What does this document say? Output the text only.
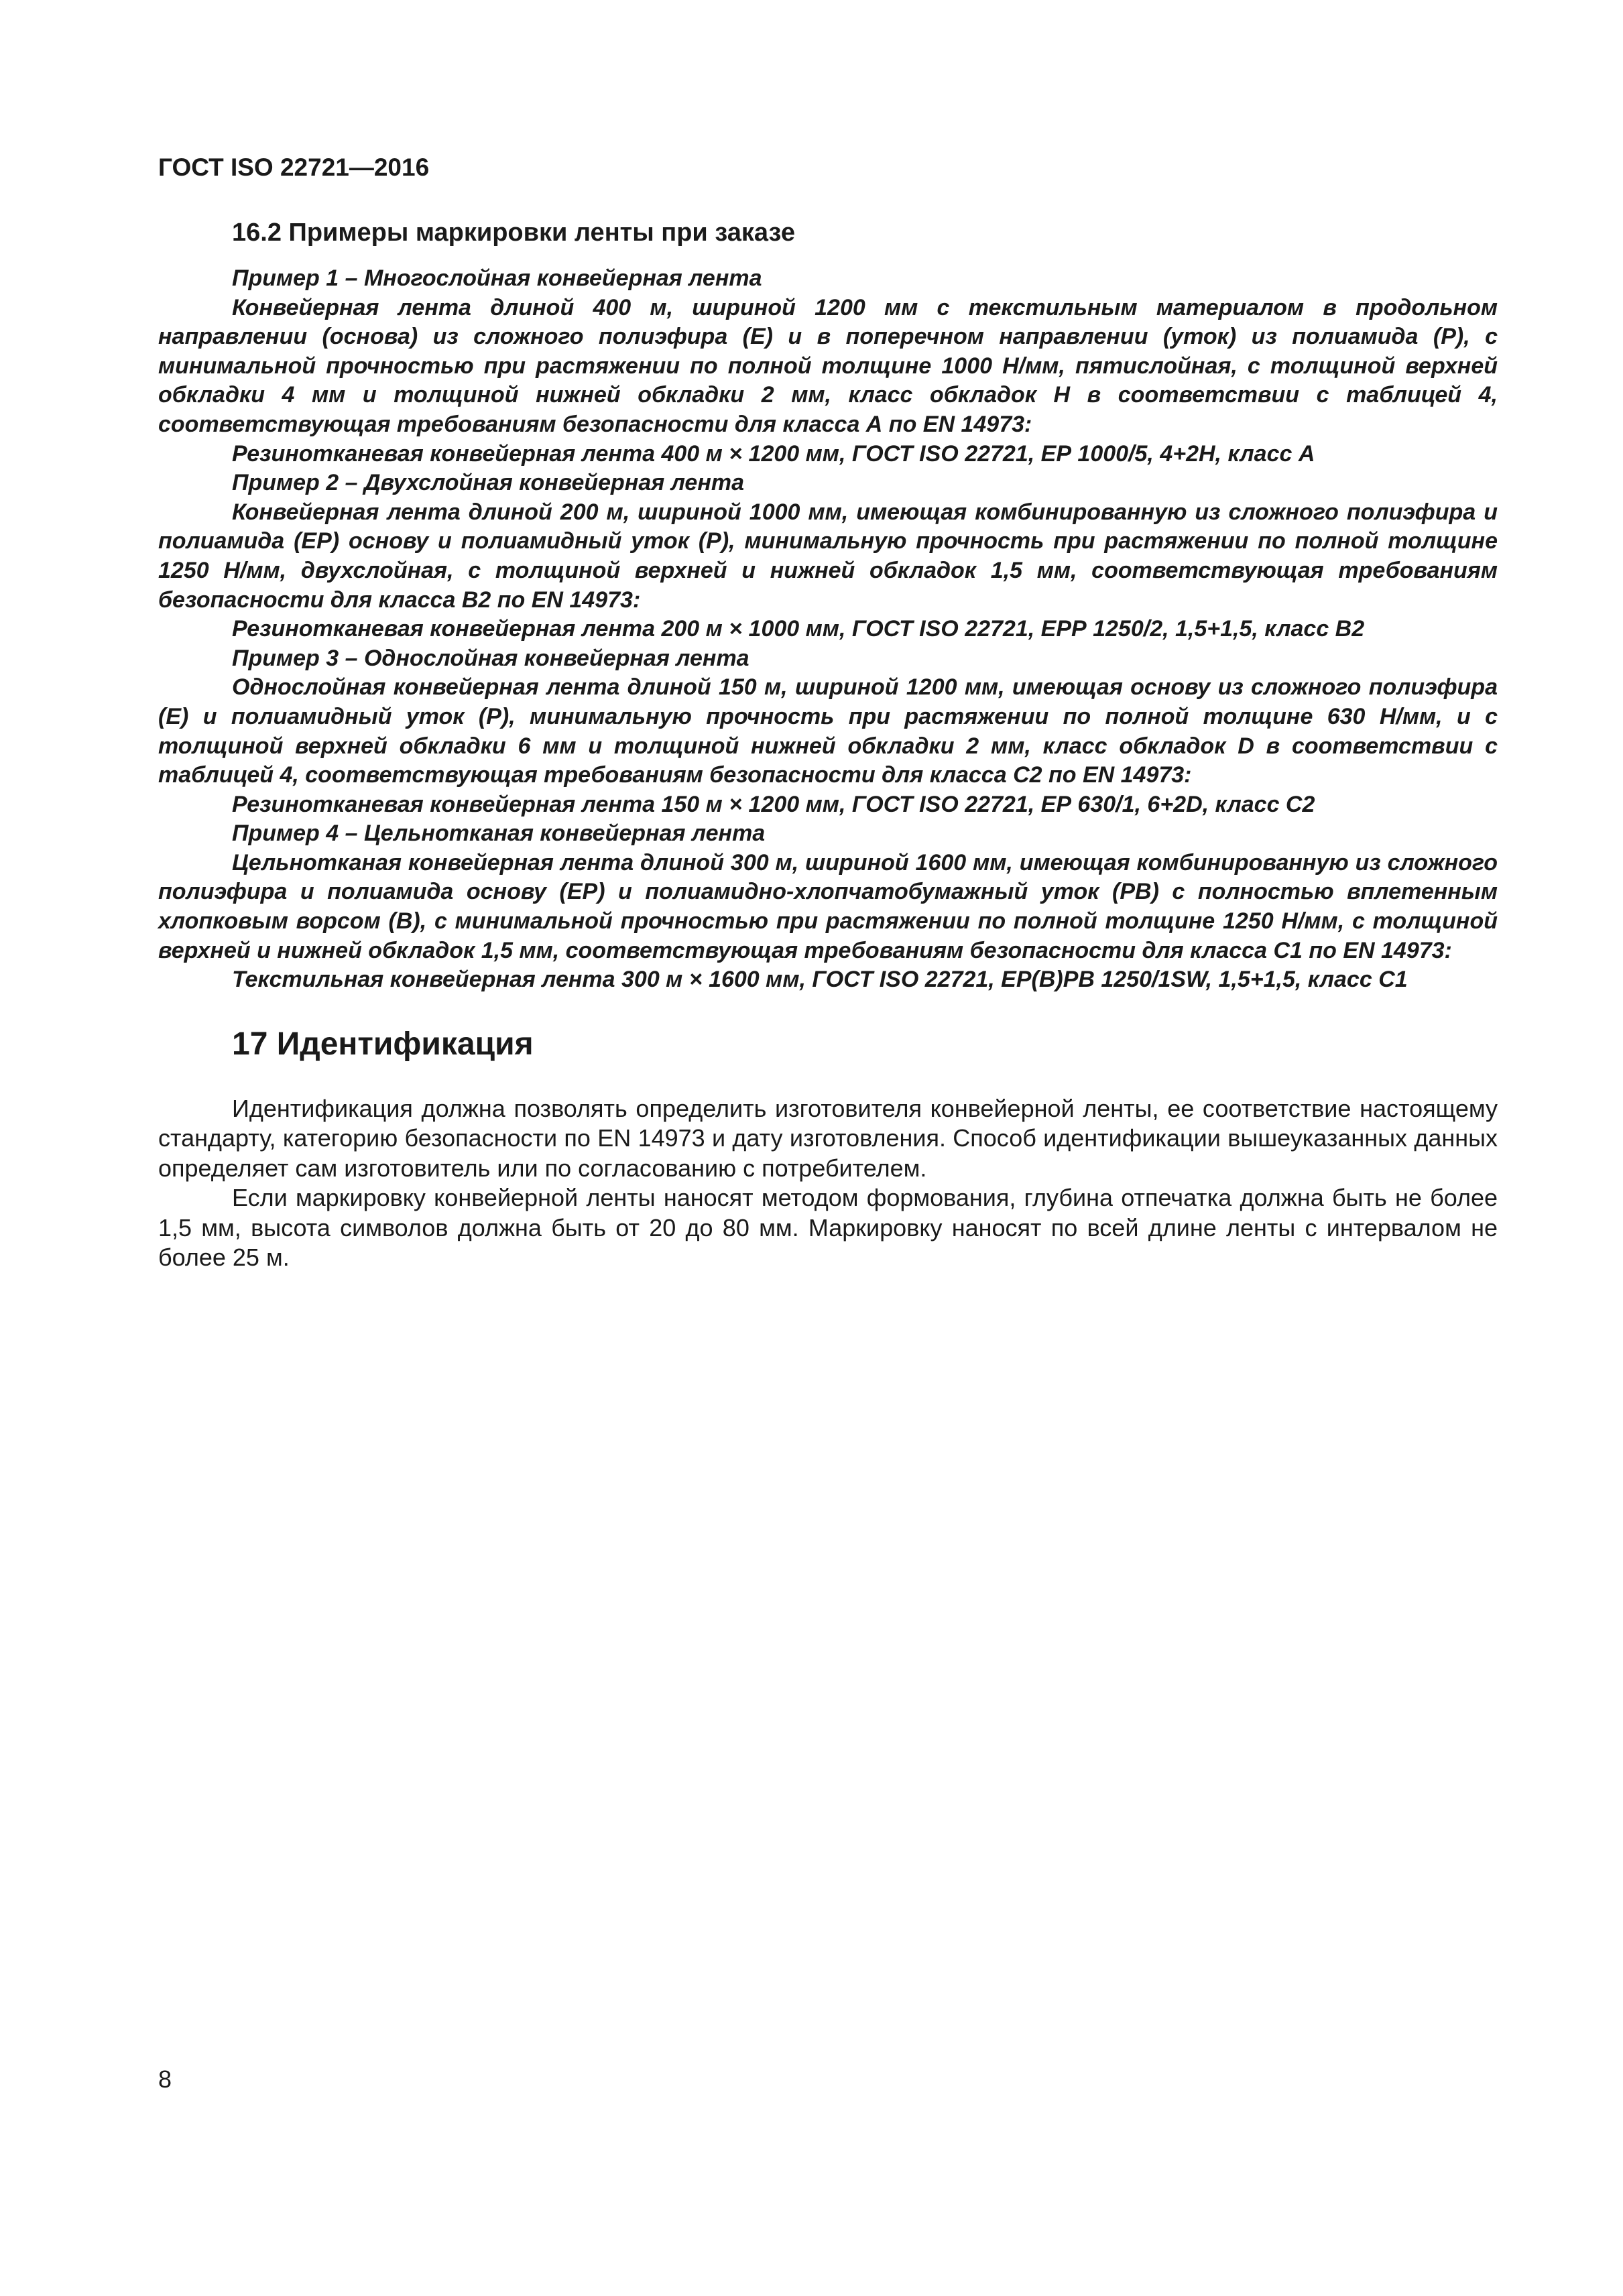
ГОСТ ISO 22721—2016
16.2 Примеры маркировки ленты при заказе

Пример 1 – Многослойная конвейерная лента

Конвейерная лента длиной 400 м, шириной 1200 мм с текстильным материалом в продольном направлении (основа) из сложного полиэфира (Е) и в поперечном направлении (уток) из полиамида (Р), с минимальной прочностью при растяжении по полной толщине 1000 Н/мм, пятислойная, с толщиной верхней обкладки 4 мм и толщиной нижней обкладки 2 мм, класс обкладок Н в соответствии с таблицей 4, соответствующая требованиям безопасности для класса А по EN 14973:

Резинотканевая конвейерная лента 400 м × 1200 мм, ГОСТ ISO 22721, ЕР 1000/5, 4+2Н, класс А

Пример 2 – Двухслойная конвейерная лента

Конвейерная лента длиной 200 м, шириной 1000 мм, имеющая комбинированную из сложного полиэфира и полиамида (ЕР) основу и полиамидный уток (Р), минимальную прочность при растяжении по полной толщине 1250 Н/мм, двухслойная, с толщиной верхней и нижней обкладок 1,5 мм, соответствующая требованиям безопасности для класса В2 по EN 14973:

Резинотканевая конвейерная лента 200 м × 1000 мм, ГОСТ ISO 22721, ЕРР 1250/2, 1,5+1,5, класс В2

Пример 3 – Однослойная конвейерная лента

Однослойная конвейерная лента длиной 150 м, шириной 1200 мм, имеющая основу из сложного полиэфира (Е) и полиамидный уток (Р), минимальную прочность при растяжении по полной толщине 630 Н/мм, и с толщиной верхней обкладки 6 мм и толщиной нижней обкладки 2 мм, класс обкладок D в соответствии с таблицей 4, соответствующая требованиям безопасности для класса С2 по EN 14973:

Резинотканевая конвейерная лента 150 м × 1200 мм, ГОСТ ISO 22721, ЕР 630/1, 6+2D, класс С2

Пример 4 – Цельнотканая конвейерная лента

Цельнотканая конвейерная лента длиной 300 м, шириной 1600 мм, имеющая комбинированную из сложного полиэфира и полиамида основу (ЕР) и полиамидно-хлопчатобумажный уток (РВ) с полностью вплетенным хлопковым ворсом (В), с минимальной прочностью при растяжении по полной толщине 1250 Н/мм, с толщиной верхней и нижней обкладок 1,5 мм, соответствующая требованиям безопасности для класса С1 по EN 14973:

Текстильная конвейерная лента 300 м × 1600 мм, ГОСТ ISO 22721, ЕР(В)РВ 1250/1SW, 1,5+1,5, класс С1

17 Идентификация

Идентификация должна позволять определить изготовителя конвейерной ленты, ее соответствие настоящему стандарту, категорию безопасности по EN 14973 и дату изготовления. Способ идентификации вышеуказанных данных определяет сам изготовитель или по согласованию с потребителем.

Если маркировку конвейерной ленты наносят методом формования, глубина отпечатка должна быть не более 1,5 мм, высота символов должна быть от 20 до 80 мм. Маркировку наносят по всей длине ленты с интервалом не более 25 м.

8
